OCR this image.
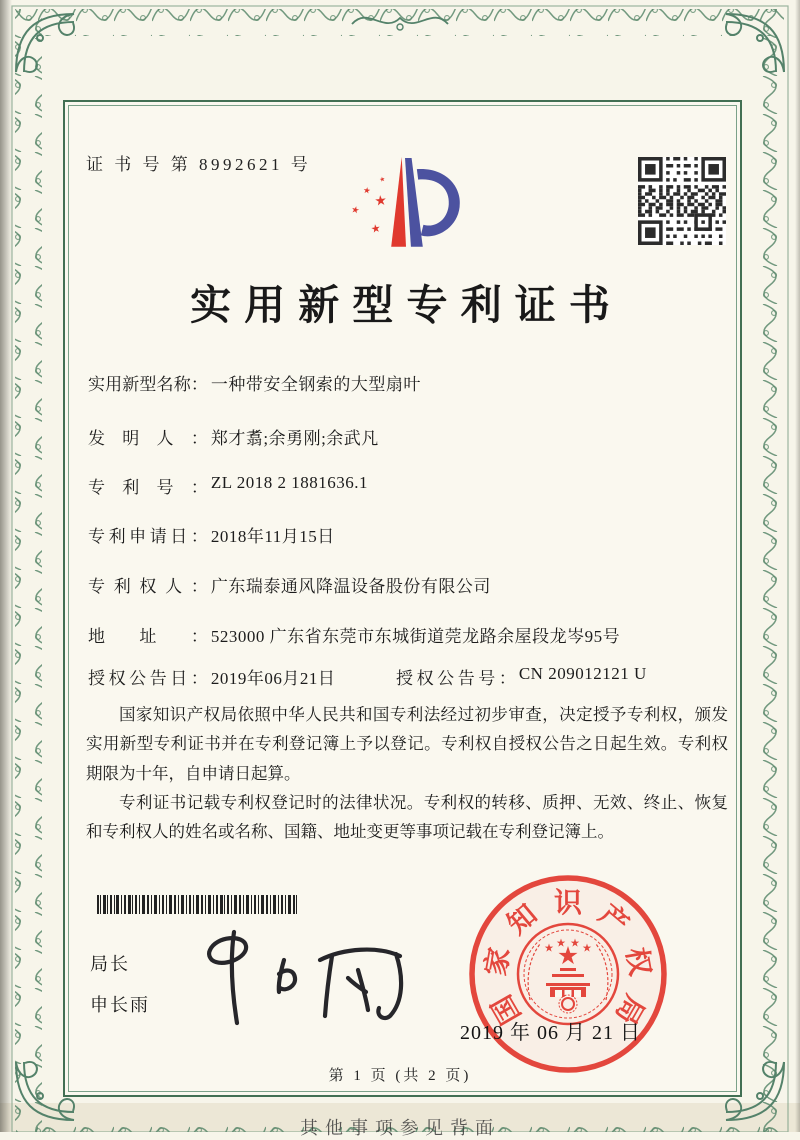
证 书 号 第 8992621 号
实用新型专利证书
实用新型名称： 一种带安全钢索的大型扇叶
发明人： 郑才翥;余勇刚;余武凡
专利号： ZL 2018 2 1881636.1
专利申请日： 2018年11月15日
专利权人： 广东瑞泰通风降温设备股份有限公司
地址： 523000 广东省东莞市东城街道莞龙路余屋段龙岑95号
授权公告日： 2019年06月21日	授权公告号： CN 209012121 U

国家知识产权局依照中华人民共和国专利法经过初步审查，决定授予专利权，颁发实用新型专利证书并在专利登记簿上予以登记。专利权自授权公告之日起生效。专利权期限为十年，自申请日起算。

专利证书记载专利权登记时的法律状况。专利权的转移、质押、无效、终止、恢复和专利权人的姓名或名称、国籍、地址变更等事项记载在专利登记簿上。

局长
申长雨	国
家
知 识 产
权
局
2019 年 06 月 21 日
第 1 页 (共 2 页)
其他事项参见背面
